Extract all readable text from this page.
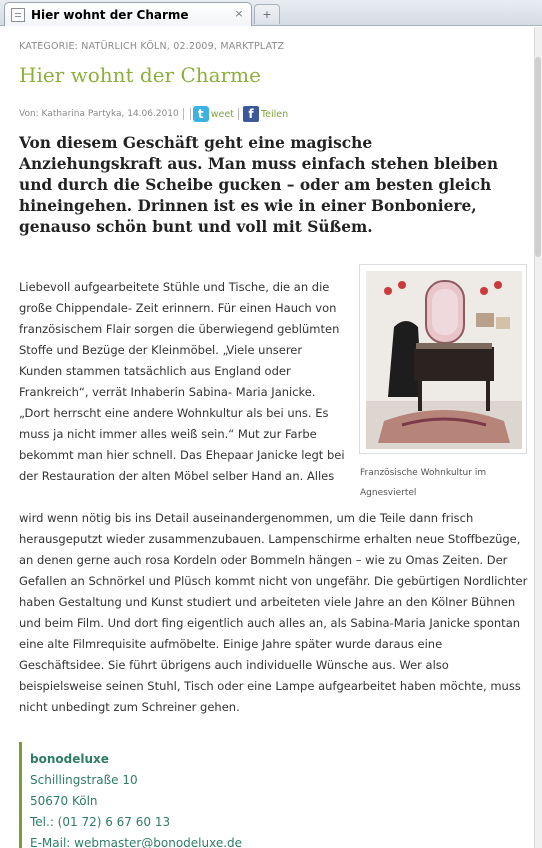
Hier wohnt der Charme	×	+
KATEGORIE: NATÜRLICH KÖLN, 02.2009, MARKTPLATZ
Hier wohnt der Charme
Von: Katharina Partyka, 14.06.2010	t weet	f Teilen

Von diesem Geschäft geht eine magische Anziehungskraft aus. Man muss einfach stehen bleiben und durch die Scheibe gucken – oder am besten gleich hineingehen. Drinnen ist es wie in einer Bonboniere, genauso schön bunt und voll mit Süßem.

Liebevoll aufgearbeitete Stühle und Tische, die an die große Chippendale- Zeit erinnern. Für einen Hauch von französischem Flair sorgen die überwiegend geblümten Stoffe und Bezüge der Kleinmöbel. „Viele unserer Kunden stammen tatsächlich aus England oder Frankreich“, verrät Inhaberin Sabina- Maria Janicke. „Dort herrscht eine andere Wohnkultur als bei uns. Es muss ja nicht immer alles weiß sein.“ Mut zur Farbe bekommt man hier schnell. Das Ehepaar Janicke legt bei der Restauration der alten Möbel selber Hand an. Alles	Französische Wohnkultur im Agnesviertel

wird wenn nötig bis ins Detail auseinandergenommen, um die Teile dann frisch herausgeputzt wieder zusammenzubauen. Lampenschirme erhalten neue Stoffbezüge, an denen gerne auch rosa Kordeln oder Bommeln hängen – wie zu Omas Zeiten. Der Gefallen an Schnörkel und Plüsch kommt nicht von ungefähr. Die gebürtigen Nordlichter haben Gestaltung und Kunst studiert und arbeiteten viele Jahre an den Kölner Bühnen und beim Film. Und dort fing eigentlich auch alles an, als Sabina-Maria Janicke spontan eine alte Filmrequisite aufmöbelte. Einige Jahre später wurde daraus eine Geschäftsidee. Sie führt übrigens auch individuelle Wünsche aus. Wer also beispielsweise seinen Stuhl, Tisch oder eine Lampe aufgearbeitet haben möchte, muss nicht unbedingt zum Schreiner gehen.

bonodeluxe
Schillingstraße 10
50670 Köln
Tel.: (01 72) 6 67 60 13
E-Mail: webmaster@bonodeluxe.de
